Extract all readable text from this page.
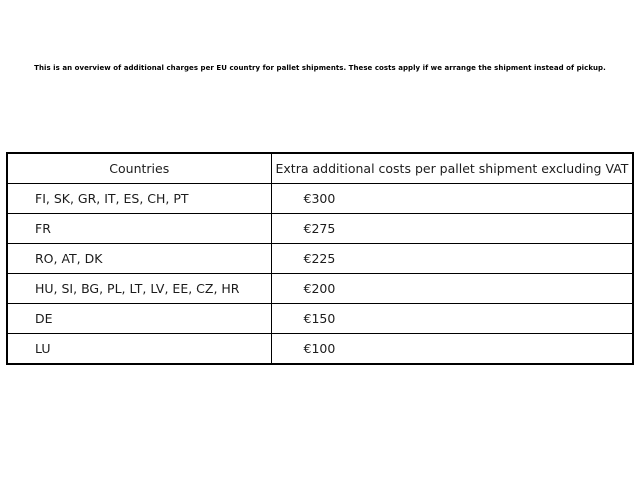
This is an overview of additional charges per EU country for pallet shipments. These costs apply if we arrange the shipment instead of pickup.
Countries	Extra additional costs per pallet shipment excluding VAT
FI, SK, GR, IT, ES, CH, PT	€300
FR	€275
RO, AT, DK	€225
HU, SI, BG, PL, LT, LV, EE, CZ, HR	€200
DE	€150
LU	€100
